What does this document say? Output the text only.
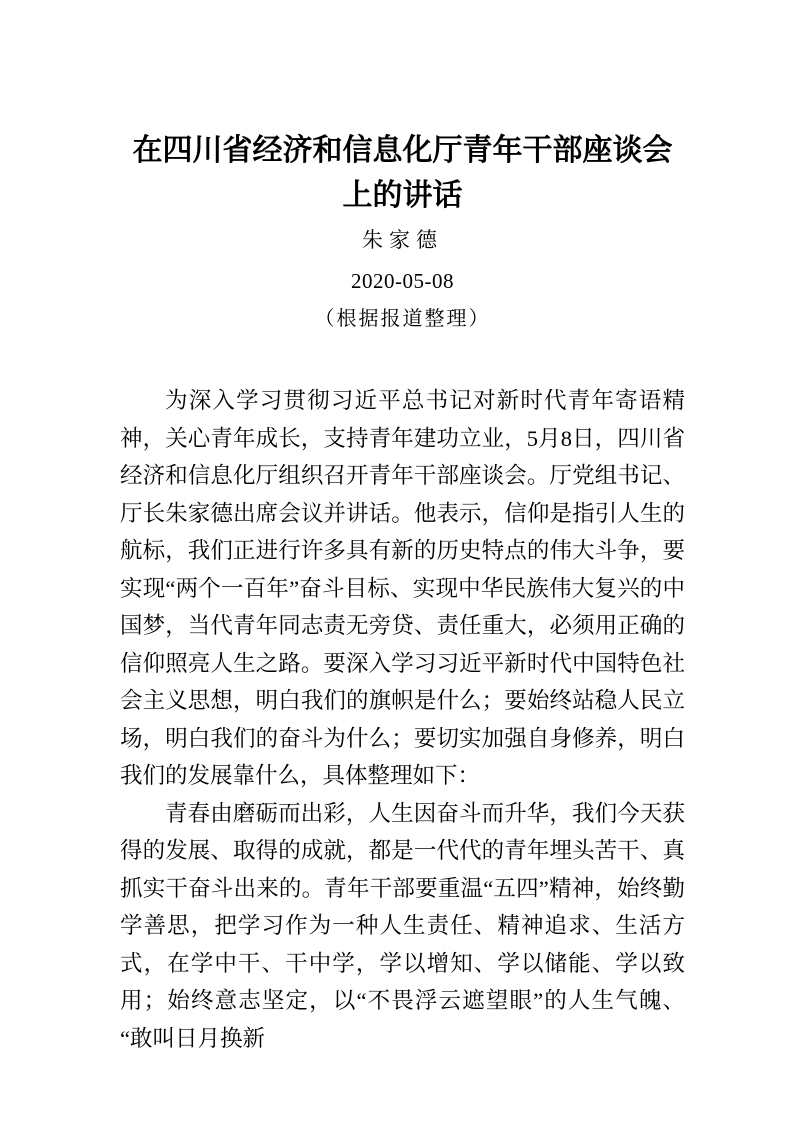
在四川省经济和信息化厅青年干部座谈会上的讲话
朱家德
2020-05-08
（根据报道整理）

为深入学习贯彻习近平总书记对新时代青年寄语精神，关心青年成长，支持青年建功立业，5月8日，四川省经济和信息化厅组织召开青年干部座谈会。厅党组书记、厅长朱家德出席会议并讲话。他表示，信仰是指引人生的航标，我们正进行许多具有新的历史特点的伟大斗争，要实现“两个一百年”奋斗目标、实现中华民族伟大复兴的中国梦，当代青年同志责无旁贷、责任重大，必须用正确的信仰照亮人生之路。要深入学习习近平新时代中国特色社会主义思想，明白我们的旗帜是什么；要始终站稳人民立场，明白我们的奋斗为什么；要切实加强自身修养，明白我们的发展靠什么，具体整理如下：

青春由磨砺而出彩，人生因奋斗而升华，我们今天获得的发展、取得的成就，都是一代代的青年埋头苦干、真抓实干奋斗出来的。青年干部要重温“五四”精神，始终勤学善思，把学习作为一种人生责任、精神追求、生活方式，在学中干、干中学，学以增知、学以储能、学以致用；始终意志坚定，以“不畏浮云遮望眼”的人生气魄、“敢叫日月换新
